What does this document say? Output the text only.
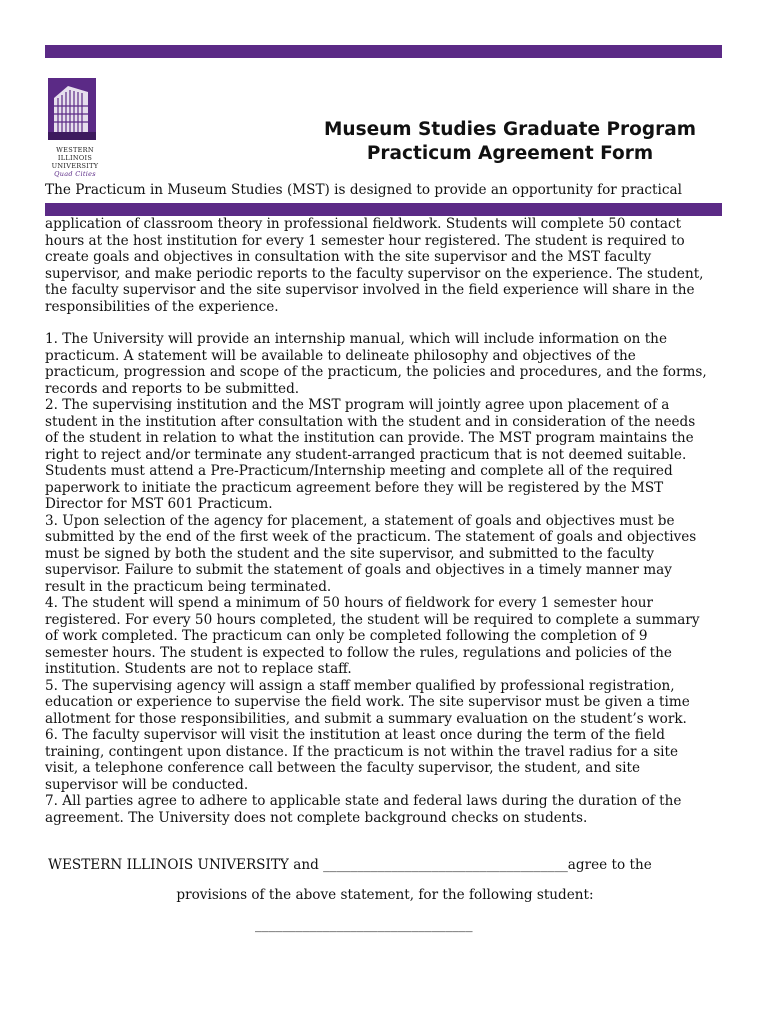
WESTERN
ILLINOIS
UNIVERSITY
Quad Cities
Museum Studies Graduate Program
Practicum Agreement Form
The Practicum in Museum Studies (MST) is designed to provide an opportunity for practical

application of classroom theory in professional fieldwork. Students will complete 50 contact

hours at the host institution for every 1 semester hour registered. The student is required to

create goals and objectives in consultation with the site supervisor and the MST faculty

supervisor, and make periodic reports to the faculty supervisor on the experience. The student,

the faculty supervisor and the site supervisor involved in the field experience will share in the

responsibilities of the experience.

1. The University will provide an internship manual, which will include information on the

practicum. A statement will be available to delineate philosophy and objectives of the

practicum, progression and scope of the practicum, the policies and procedures, and the forms,

records and reports to be submitted.

2. The supervising institution and the MST program will jointly agree upon placement of a

student in the institution after consultation with the student and in consideration of the needs

of the student in relation to what the institution can provide. The MST program maintains the

right to reject and/or terminate any student-arranged practicum that is not deemed suitable.

Students must attend a Pre-Practicum/Internship meeting and complete all of the required

paperwork to initiate the practicum agreement before they will be registered by the MST

Director for MST 601 Practicum.

3. Upon selection of the agency for placement, a statement of goals and objectives must be

submitted by the end of the first week of the practicum. The statement of goals and objectives

must be signed by both the student and the site supervisor, and submitted to the faculty

supervisor. Failure to submit the statement of goals and objectives in a timely manner may

result in the practicum being terminated.

4. The student will spend a minimum of 50 hours of fieldwork for every 1 semester hour

registered. For every 50 hours completed, the student will be required to complete a summary

of work completed. The practicum can only be completed following the completion of 9

semester hours. The student is expected to follow the rules, regulations and policies of the

institution. Students are not to replace staff.

5. The supervising agency will assign a staff member qualified by professional registration,

education or experience to supervise the field work. The site supervisor must be given a time

allotment for those responsibilities, and submit a summary evaluation on the student’s work.

6. The faculty supervisor will visit the institution at least once during the term of the field

training, contingent upon distance. If the practicum is not within the travel radius for a site

visit, a telephone conference call between the faculty supervisor, the student, and site

supervisor will be conducted.

7. All parties agree to adhere to applicable state and federal laws during the duration of the

agreement. The University does not complete background checks on students.

WESTERN ILLINOIS UNIVERSITY and ____________________________________agree to the
provisions of the above statement, for the following student:
________________________________
